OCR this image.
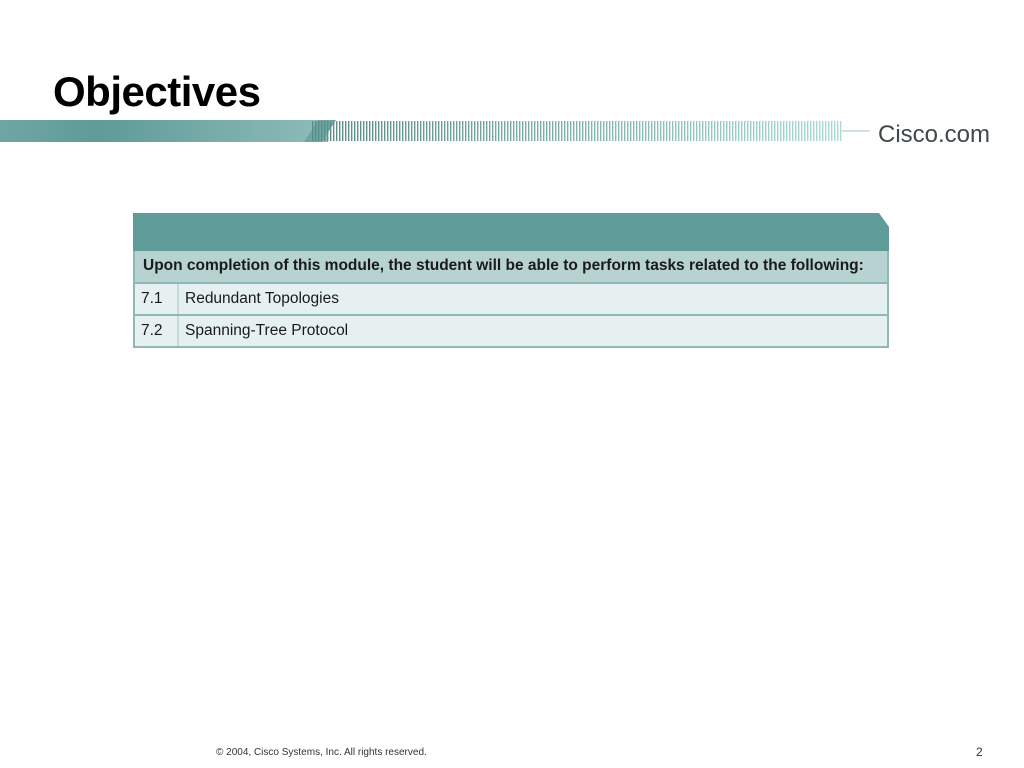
Objectives
Cisco.com
Upon completion of this module, the student will be able to perform tasks related to the following:
7.1	Redundant Topologies
7.2	Spanning-Tree Protocol
© 2004, Cisco Systems, Inc. All rights reserved.	2
